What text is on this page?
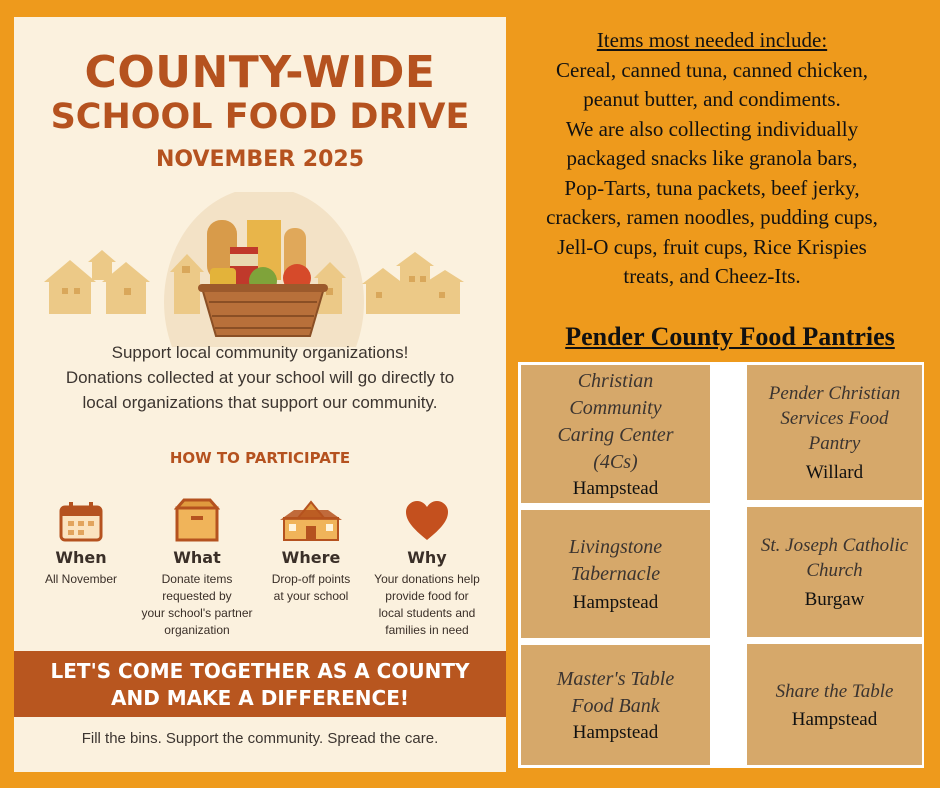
COUNTY-WIDE
SCHOOL FOOD DRIVE
NOVEMBER 2025
Support local community organizations!
Donations collected at your school will go directly to
local organizations that support our community.
HOW TO PARTICIPATE
When
All November
What
Donate items
requested by
your school's partner
organization
Where
Drop-off points
at your school
Why
Your donations help
provide food for
local students and
families in need
LET'S COME TOGETHER AS A COUNTY
AND MAKE A DIFFERENCE!
Fill the bins. Support the community. Spread the care.
Items most needed include:
Cereal, canned tuna, canned chicken,
peanut butter, and condiments.
We are also collecting individually
packaged snacks like granola bars,
Pop-Tarts, tuna packets, beef jerky,
crackers, ramen noodles, pudding cups,
Jell-O cups, fruit cups, Rice Krispies
treats, and Cheez-Its.
Pender County Food Pantries
Christian
Community
Caring Center
(4Cs)
Hampstead
Pender Christian
Services Food
Pantry
Willard
Livingstone
Tabernacle
Hampstead
St. Joseph Catholic
Church
Burgaw
Master's Table
Food Bank
Hampstead
Share the Table
Hampstead
